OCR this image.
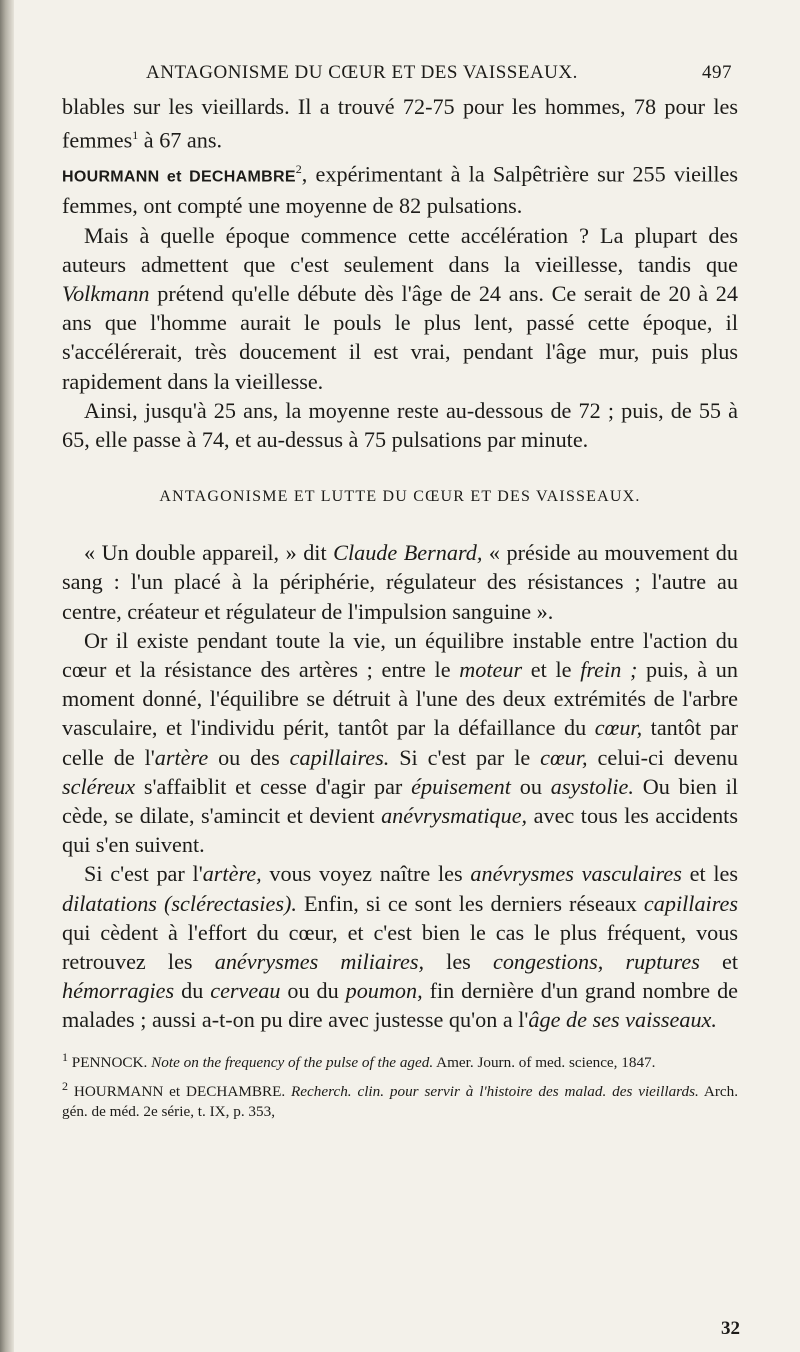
32
ANTAGONISME DU CŒUR ET DES VAISSEAUX.	497

blables sur les vieillards. Il a trouvé 72-75 pour les hommes, 78 pour les femmes$^1$ à 67 ans.

HOURMANN et DECHAMBRE$^2$, expérimentant à la Salpêtrière sur 255 vieilles femmes, ont compté une moyenne de 82 pulsations.

Mais à quelle époque commence cette accélération ? La plupart des auteurs admettent que c'est seulement dans la vieillesse, tandis que Volkmann prétend qu'elle débute dès l'âge de 24 ans. Ce serait de 20 à 24 ans que l'homme aurait le pouls le plus lent, passé cette époque, il s'accélérerait, très doucement il est vrai, pendant l'âge mur, puis plus rapidement dans la vieillesse.

Ainsi, jusqu'à 25 ans, la moyenne reste au-dessous de 72 ; puis, de 55 à 65, elle passe à 74, et au-dessus à 75 pulsations par minute.

ANTAGONISME ET LUTTE DU CŒUR ET DES VAISSEAUX.

« Un double appareil, » dit Claude Bernard, « préside au mouvement du sang : l'un placé à la périphérie, régulateur des résistances ; l'autre au centre, créateur et régulateur de l'impulsion sanguine ».

Or il existe pendant toute la vie, un équilibre instable entre l'action du cœur et la résistance des artères ; entre le moteur et le frein ; puis, à un moment donné, l'équilibre se détruit à l'une des deux extrémités de l'arbre vasculaire, et l'individu périt, tantôt par la défaillance du cœur, tantôt par celle de l'artère ou des capillaires. Si c'est par le cœur, celui-ci devenu scléreux s'affaiblit et cesse d'agir par épuisement ou asystolie. Ou bien il cède, se dilate, s'amincit et devient anévrysmatique, avec tous les accidents qui s'en suivent.

Si c'est par l'artère, vous voyez naître les anévrysmes vasculaires et les dilatations (sclérectasies). Enfin, si ce sont les derniers réseaux capillaires qui cèdent à l'effort du cœur, et c'est bien le cas le plus fréquent, vous retrouvez les anévrysmes miliaires, les congestions, ruptures et hémorragies du cerveau ou du poumon, fin dernière d'un grand nombre de malades ; aussi a-t-on pu dire avec justesse qu'on a l'âge de ses vaisseaux.

$^1$ PENNOCK. Note on the frequency of the pulse of the aged. Amer. Journ. of med. science, 1847.

$^2$ HOURMANN et DECHAMBRE. Recherch. clin. pour servir à l'histoire des malad. des vieillards. Arch. gén. de méd. 2e série, t. IX, p. 353,
